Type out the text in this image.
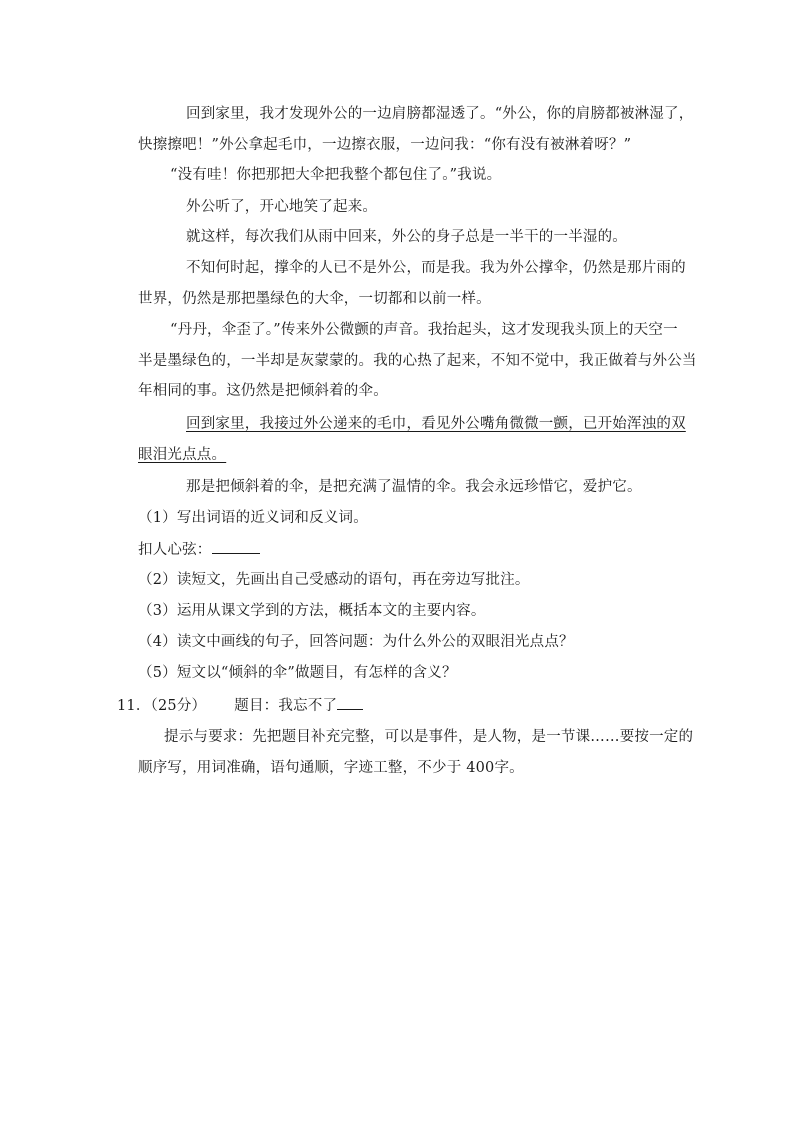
回到家里，我才发现外公的一边肩膀都湿透了。“外公，你的肩膀都被淋湿了，
快擦擦吧！”外公拿起毛巾，一边擦衣服，一边问我：“你有没有被淋着呀？”
“没有哇！你把那把大伞把我整个都包住了。”我说。
外公听了，开心地笑了起来。
就这样，每次我们从雨中回来，外公的身子总是一半干的一半湿的。
不知何时起，撑伞的人已不是外公，而是我。我为外公撑伞，仍然是那片雨的
世界，仍然是那把墨绿色的大伞，一切都和以前一样。
“丹丹，伞歪了。”传来外公微颤的声音。我抬起头，这才发现我头顶上的天空一
半是墨绿色的，一半却是灰蒙蒙的。我的心热了起来，不知不觉中，我正做着与外公当
年相同的事。这仍然是把倾斜着的伞。
回到家里，我接过外公递来的毛巾，看见外公嘴角微微一颤，已开始浑浊的双
眼泪光点点。
那是把倾斜着的伞，是把充满了温情的伞。我会永远珍惜它，爱护它。
（1）写出词语的近义词和反义词。
扣人心弦：
（2）读短文，先画出自己受感动的语句，再在旁边写批注。
（3）运用从课文学到的方法，概括本文的主要内容。
（4）读文中画线的句子，回答问题：为什么外公的双眼泪光点点？
（5）短文以“倾斜的伞”做题目，有怎样的含义？
11．（25分） 题目：我忘不了
提示与要求：先把题目补充完整，可以是事件，是人物，是一节课……要按一定的
顺序写，用词准确，语句通顺，字迹工整，不少于 400字。
